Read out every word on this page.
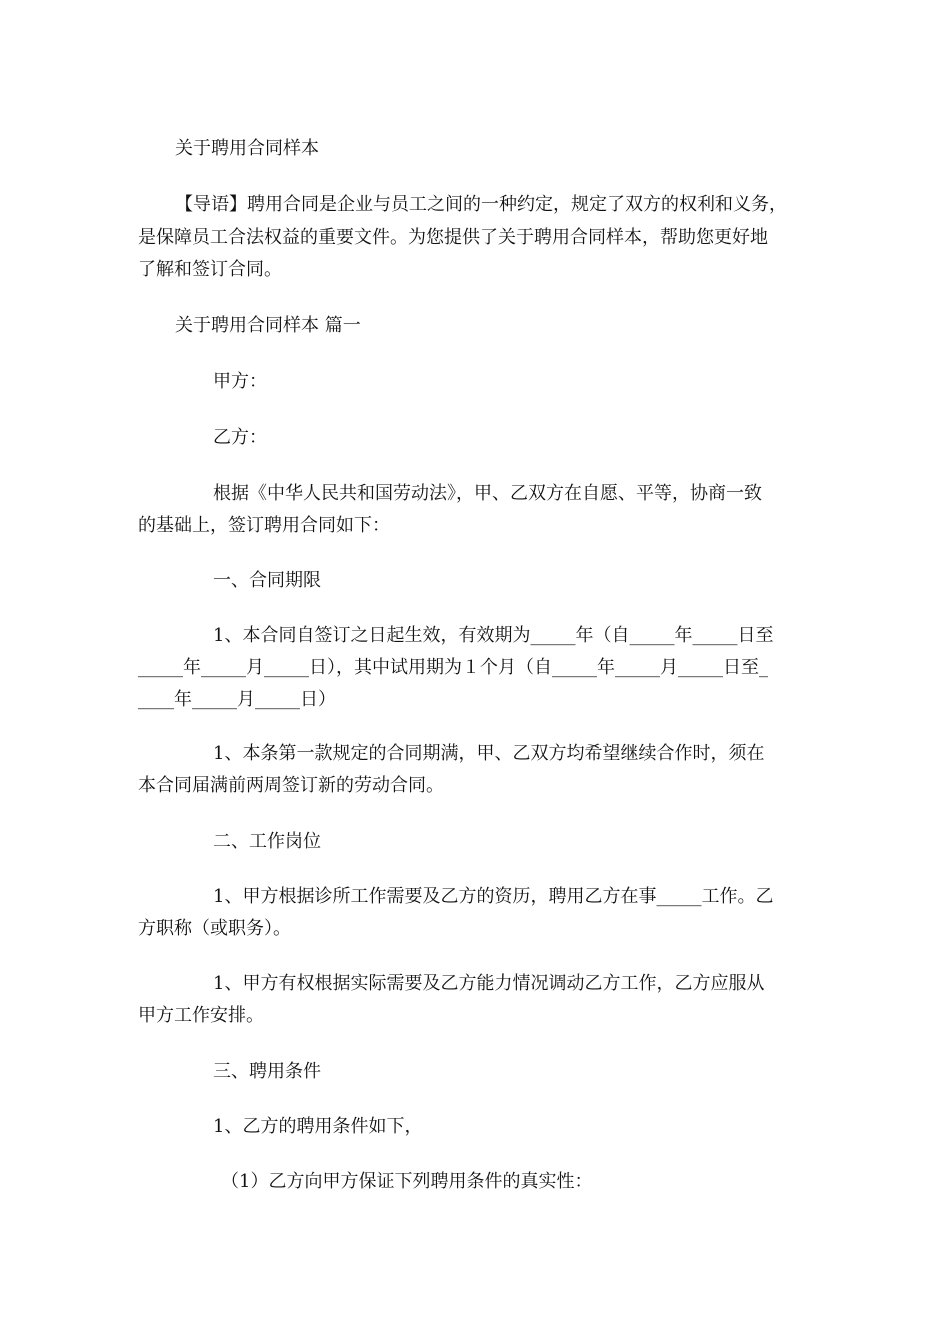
关于聘用合同样本

【导语】聘用合同是企业与员工之间的一种约定，规定了双方的权利和义务，

是保障员工合法权益的重要文件。为您提供了关于聘用合同样本，帮助您更好地

了解和签订合同。

关于聘用合同样本 篇一

甲方：

乙方：

根据《中华人民共和国劳动法》，甲、乙双方在自愿、平等，协商一致

的基础上，签订聘用合同如下：

一、合同期限

1、本合同自签订之日起生效，有效期为_____年（自_____年_____日至

_____年_____月_____日），其中试用期为１个月（自_____年_____月_____日至_

____年_____月_____日）

1、本条第一款规定的合同期满，甲、乙双方均希望继续合作时，须在

本合同届满前两周签订新的劳动合同。

二、工作岗位

1、甲方根据诊所工作需要及乙方的资历，聘用乙方在事_____工作。乙

方职称（或职务）。

1、甲方有权根据实际需要及乙方能力情况调动乙方工作，乙方应服从

甲方工作安排。

三、聘用条件

1、乙方的聘用条件如下，

（1）乙方向甲方保证下列聘用条件的真实性：
